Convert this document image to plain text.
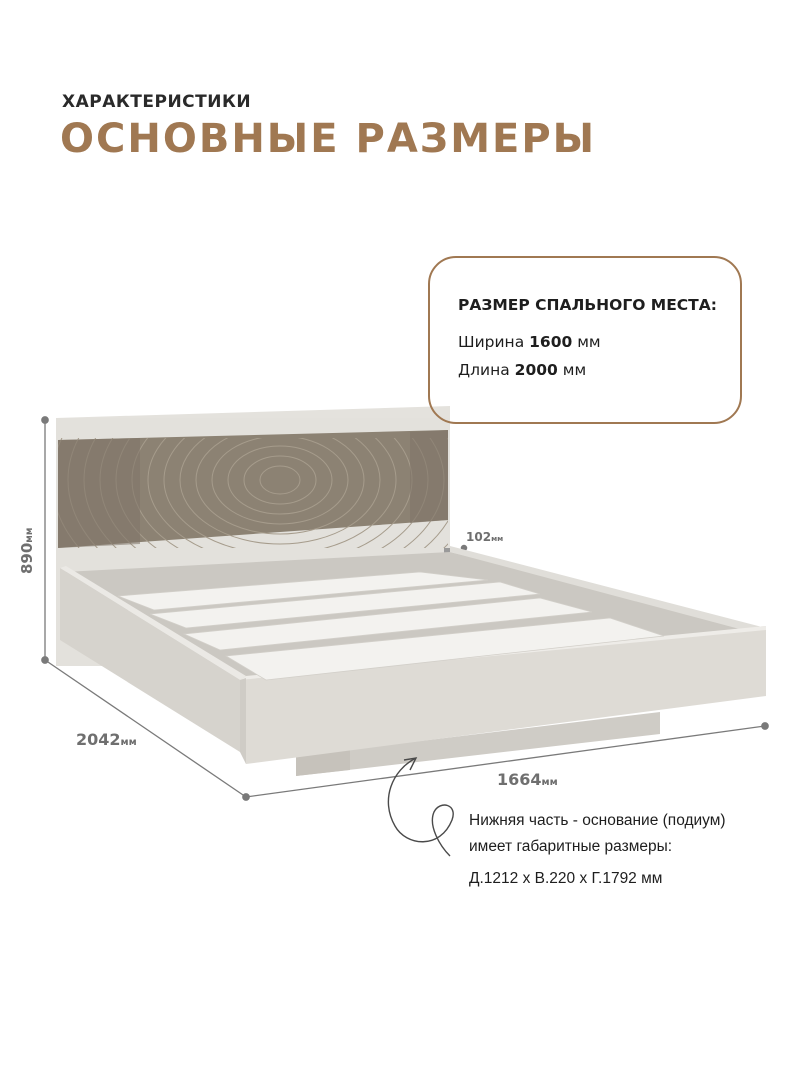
ХАРАКТЕРИСТИКИ
ОСНОВНЫЕ РАЗМЕРЫ
РАЗМЕР СПАЛЬНОГО МЕСТА:
Ширина 1600 мм
Длина 2000 мм
890мм	102мм
2042мм
1664мм
Нижняя часть - основание (подиум)
имеет габаритные размеры:
Д.1212 х В.220 х Г.1792 мм
